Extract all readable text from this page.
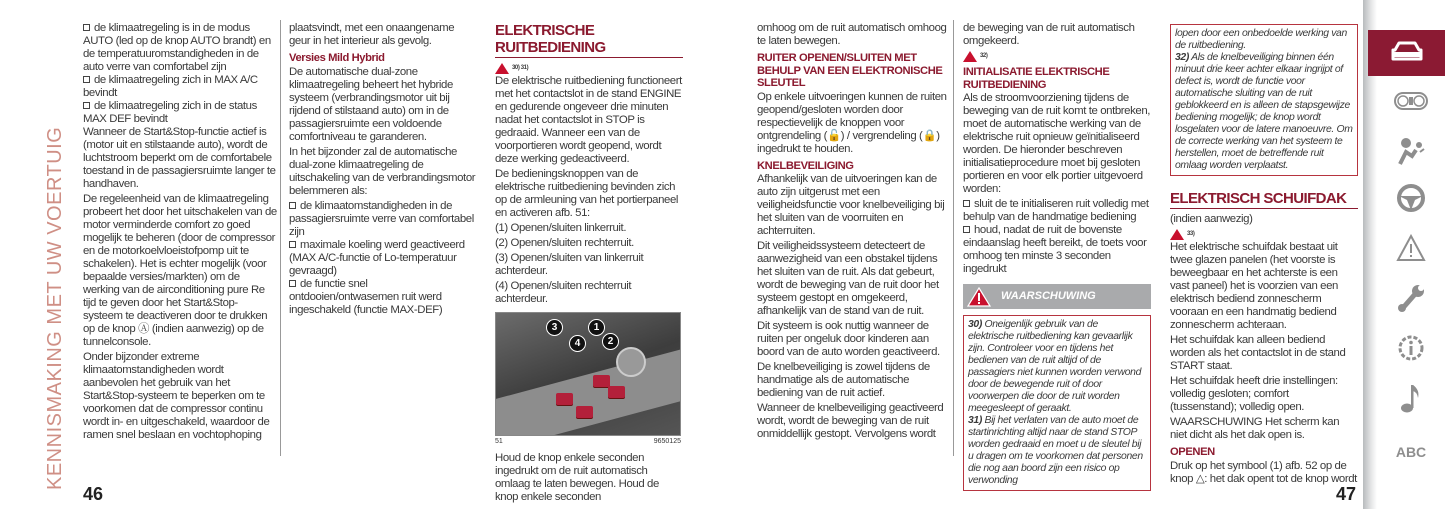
KENNISMAKING MET UW VOERTUIG

de klimaatregeling is in de modus AUTO (led op de knop AUTO brandt) en de temperatuuromstandigheden in de auto verre van comfortabel zijn

de klimaatregeling zich in MAX A/C bevindt

de klimaatregeling zich in de status MAX DEF bevindt

Wanneer de Start&Stop-functie actief is (motor uit en stilstaande auto), wordt de luchtstroom beperkt om de comfortabele toestand in de passagiersruimte langer te handhaven.

De regeleenheid van de klimaatregeling probeert het door het uitschakelen van de motor verminderde comfort zo goed mogelijk te beheren (door de compressor en de motorkoelvloeistofpomp uit te schakelen). Het is echter mogelijk (voor bepaalde versies/markten) om de werking van de airconditioning pure Re tijd te geven door het Start&Stop-systeem te deactiveren door te drukken op de knop Ⓐ (indien aanwezig) op de tunnelconsole.

Onder bijzonder extreme klimaatomstandigheden wordt aanbevolen het gebruik van het Start&Stop-systeem te beperken om te voorkomen dat de compressor continu wordt in- en uitgeschakeld, waardoor de ramen snel beslaan en vochtophoping

plaatsvindt, met een onaangename geur in het interieur als gevolg.

Versies Mild Hybrid

De automatische dual-zone klimaatregeling beheert het hybride systeem (verbrandingsmotor uit bij rijdend of stilstaand auto) om in de passagiersruimte een voldoende comfortniveau te garanderen.

In het bijzonder zal de automatische dual-zone klimaatregeling de uitschakeling van de verbrandingsmotor belemmeren als:

de klimaatomstandigheden in de passagiersruimte verre van comfortabel zijn

maximale koeling werd geactiveerd (MAX A/C-functie of Lo-temperatuur gevraagd)

de functie snel ontdooien/ontwasemen ruit werd ingeschakeld (functie MAX-DEF)

ELEKTRISCHE RUITBEDIENING
30) 31)

De elektrische ruitbediening functioneert met het contactslot in de stand ENGINE en gedurende ongeveer drie minuten nadat het contactslot in STOP is gedraaid. Wanneer een van de voorportieren wordt geopend, wordt deze werking gedeactiveerd.

De bedieningsknoppen van de elektrische ruitbediening bevinden zich op de armleuning van het portierpaneel en activeren afb. 51:

(1) Openen/sluiten linkerruit.

(2) Openen/sluiten rechterruit.

(3) Openen/sluiten van linkerruit achterdeur.

(4) Openen/sluiten rechterruit achterdeur.

3
4
1
2
51	9650125

Houd de knop enkele seconden ingedrukt om de ruit automatisch omlaag te laten bewegen. Houd de knop enkele seconden

omhoog om de ruit automatisch omhoog te laten bewegen.

RUITER OPENEN/SLUITEN MET BEHULP VAN EEN ELEKTRONISCHE SLEUTEL

Op enkele uitvoeringen kunnen de ruiten geopend/gesloten worden door respectievelijk de knoppen voor ontgrendeling (🔓) / vergrendeling (🔒) ingedrukt te houden.

KNELBEVEILIGING

Afhankelijk van de uitvoeringen kan de auto zijn uitgerust met een veiligheidsfunctie voor knelbeveiliging bij het sluiten van de voorruiten en achterruiten.

Dit veiligheidssysteem detecteert de aanwezigheid van een obstakel tijdens het sluiten van de ruit. Als dat gebeurt, wordt de beweging van de ruit door het systeem gestopt en omgekeerd, afhankelijk van de stand van de ruit.

Dit systeem is ook nuttig wanneer de ruiten per ongeluk door kinderen aan boord van de auto worden geactiveerd.

De knelbeveiliging is zowel tijdens de handmatige als de automatische bediening van de ruit actief.

Wanneer de knelbeveiliging geactiveerd wordt, wordt de beweging van de ruit onmiddellijk gestopt. Vervolgens wordt

de beweging van de ruit automatisch omgekeerd.

32)
INITIALISATIE ELEKTRISCHE RUITBEDIENING

Als de stroomvoorziening tijdens de beweging van de ruit komt te ontbreken, moet de automatische werking van de elektrische ruit opnieuw geïnitialiseerd worden. De hieronder beschreven initialisatieprocedure moet bij gesloten portieren en voor elk portier uitgevoerd worden:

sluit de te initialiseren ruit volledig met behulp van de handmatige bediening

houd, nadat de ruit de bovenste eindaanslag heeft bereikt, de toets voor omhoog ten minste 3 seconden ingedrukt

WAARSCHUWING
30) Oneigenlijk gebruik van de elektrische ruitbediening kan gevaarlijk zijn. Controleer voor en tijdens het bedienen van de ruit altijd of de passagiers niet kunnen worden verwond door de bewegende ruit of door voorwerpen die door de ruit worden meegesleept of geraakt.
31) Bij het verlaten van de auto moet de startinrichting altijd naar de stand STOP worden gedraaid en moet u de sleutel bij u dragen om te voorkomen dat personen die nog aan boord zijn een risico op verwonding
lopen door een onbedoelde werking van de ruitbediening.
32) Als de knelbeveiliging binnen één minuut drie keer achter elkaar ingrijpt of defect is, wordt de functie voor automatische sluiting van de ruit geblokkeerd en is alleen de stapsgewijze bediening mogelijk; de knop wordt losgelaten voor de latere manoeuvre. Om de correcte werking van het systeem te herstellen, moet de betreffende ruit omlaag worden verplaatst.
ELEKTRISCH SCHUIFDAK

(indien aanwezig)

33)

Het elektrische schuifdak bestaat uit twee glazen panelen (het voorste is beweegbaar en het achterste is een vast paneel) het is voorzien van een elektrisch bediend zonnescherm vooraan en een handmatig bediend zonnescherm achteraan.

Het schuifdak kan alleen bediend worden als het contactslot in de stand START staat.

Het schuifdak heeft drie instellingen: volledig gesloten; comfort (tussenstand); volledig open.

WAARSCHUWING Het scherm kan niet dicht als het dak open is.

OPENEN

Druk op het symbool (1) afb. 52 op de knop △: het dak opent tot de knop wordt

46	47
ABC
